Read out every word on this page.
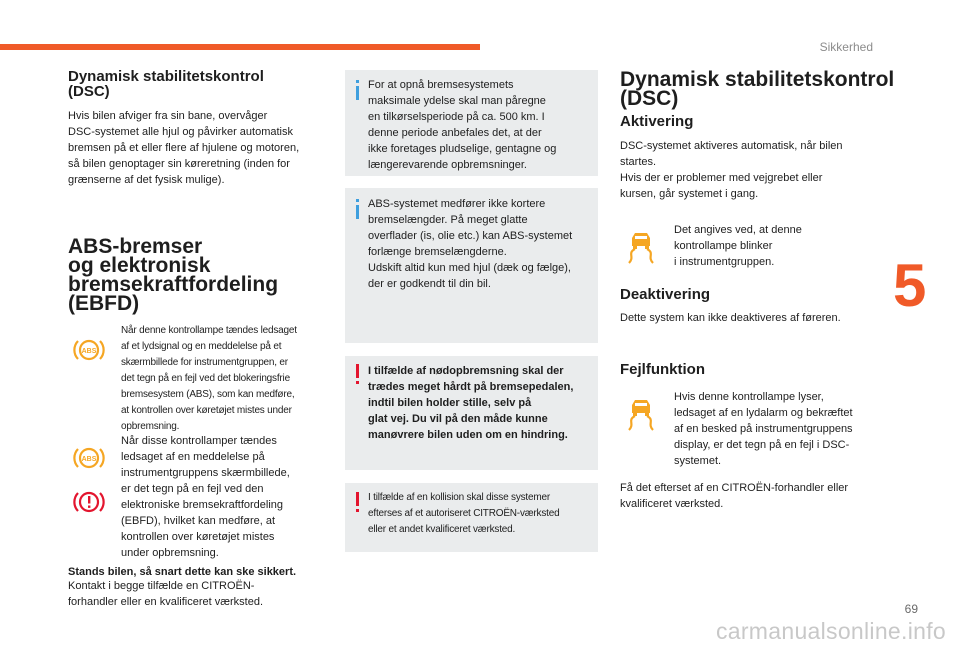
Sikkerhed
5
69
Dynamisk stabilitetskontrol
(DSC)

Hvis bilen afviger fra sin bane, overvåger
DSC-systemet alle hjul og påvirker automatisk
bremsen på et eller flere af hjulene og motoren,
så bilen genoptager sin køreretning (inden for
grænserne af det fysisk mulige).

ABS-bremser
og elektronisk
bremsekraftfordeling
(EBFD)
ABS

Når denne kontrollampe tændes ledsaget
af et lydsignal og en meddelelse på et
skærmbillede for instrumentgruppen, er
det tegn på en fejl ved det blokeringsfrie
bremsesystem (ABS), som kan medføre,
at kontrollen over køretøjet mistes under
opbremsning.

ABS

Når disse kontrollamper tændes
ledsaget af en meddelelse på
instrumentgruppens skærmbillede,
er det tegn på en fejl ved den
elektroniske bremsekraftfordeling
(EBFD), hvilket kan medføre, at
kontrollen over køretøjet mistes
under opbremsning.

Stands bilen, så snart dette kan ske sikkert.

Kontakt i begge tilfælde en CITROËN-
forhandler eller en kvalificeret værksted.

For at opnå bremsesystemets
maksimale ydelse skal man påregne
en tilkørselsperiode på ca. 500 km. I
denne periode anbefales det, at der
ikke foretages pludselige, gentagne og
længerevarende opbremsninger.

ABS-systemet medfører ikke kortere
bremselængder. På meget glatte
overflader (is, olie etc.) kan ABS-systemet
forlænge bremselængderne.
Udskift altid kun med hjul (dæk og fælge),
der er godkendt til din bil.

I tilfælde af nødopbremsning skal der
trædes meget hårdt på bremsepedalen,
indtil bilen holder stille, selv på
glat vej. Du vil på den måde kunne
manøvrere bilen uden om en hindring.

I tilfælde af en kollision skal disse systemer
efterses af et autoriseret CITROËN-værksted
eller et andet kvalificeret værksted.

Dynamisk stabilitetskontrol
(DSC)
Aktivering

DSC-systemet aktiveres automatisk, når bilen
startes.
Hvis der er problemer med vejgrebet eller
kursen, går systemet i gang.

Det angives ved, at denne
kontrollampe blinker
i instrumentgruppen.

Deaktivering

Dette system kan ikke deaktiveres af føreren.

Fejlfunktion

Hvis denne kontrollampe lyser,
ledsaget af en lydalarm og bekræftet
af en besked på instrumentgruppens
display, er det tegn på en fejl i DSC-
systemet.

Få det efterset af en CITROËN-forhandler eller
kvalificeret værksted.

carmanualsonline.info
